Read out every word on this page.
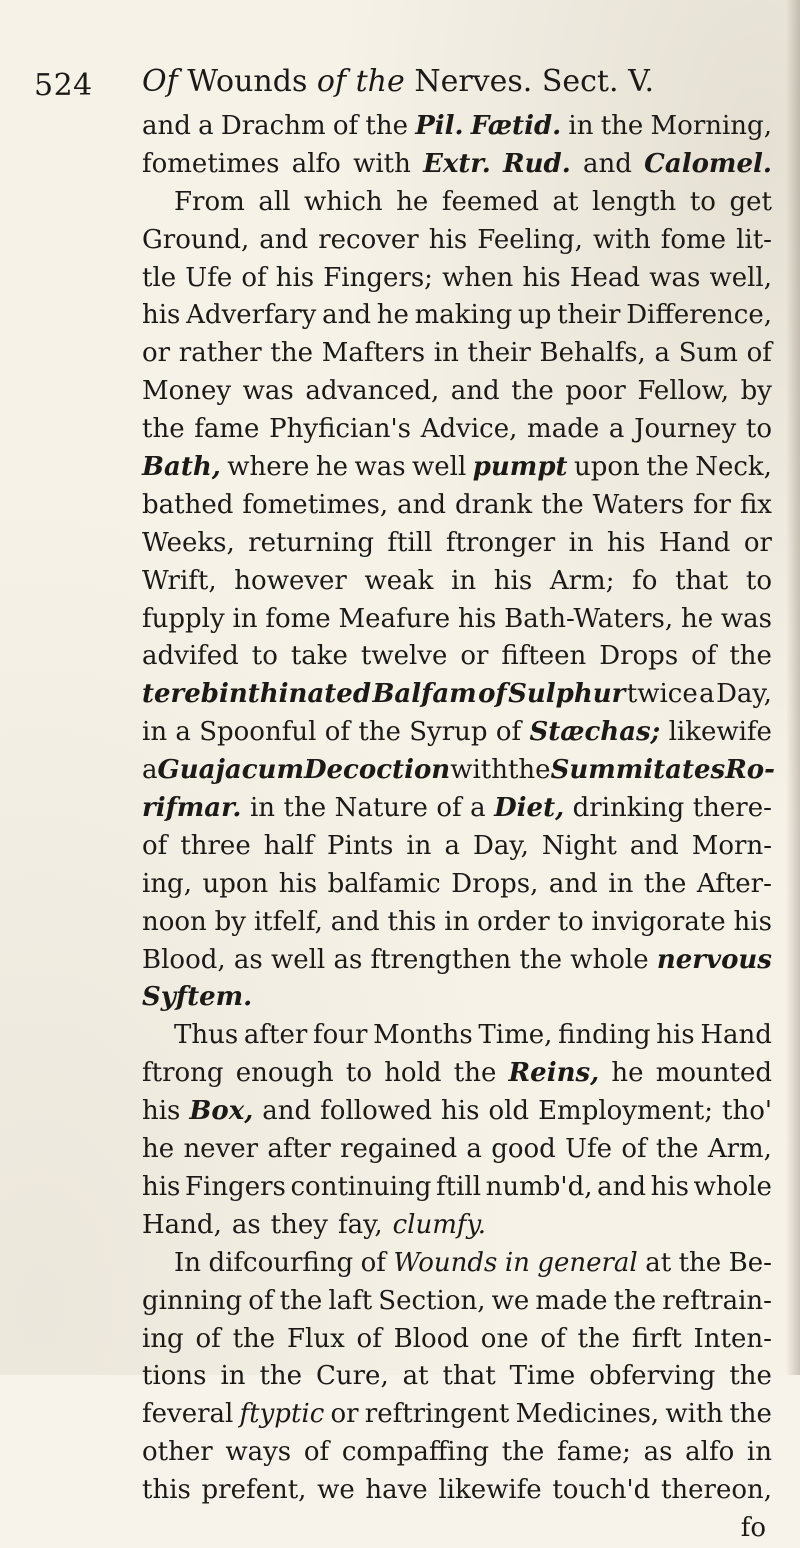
524 Of Wounds of the Nerves. Sect. V.
and a Drachm of the Pil. Fætid. in the Morning,
fometimes alfo with Extr. Rud. and Calomel.
From all which he feemed at length to get
Ground, and recover his Feeling, with fome lit-
tle Ufe of his Fingers; when his Head was well,
his Adverfary and he making up their Difference,
or rather the Mafters in their Behalfs, a Sum of
Money was advanced, and the poor Fellow, by
the fame Phyfician's Advice, made a Journey to
Bath, where he was well pumpt upon the Neck,
bathed fometimes, and drank the Waters for fix
Weeks, returning ftill ftronger in his Hand or
Wrift, however weak in his Arm; fo that to
fupply in fome Meafure his Bath-Waters, he was
advifed to take twelve or fifteen Drops of the
terebinthinated Balfam of Sulphur twice a Day,
in a Spoonful of the Syrup of Stæchas; likewife
a Guajacum Decoction with the Summitates Ro-
rifmar. in the Nature of a Diet, drinking there-
of three half Pints in a Day, Night and Morn-
ing, upon his balfamic Drops, and in the After-
noon by itfelf, and this in order to invigorate his
Blood, as well as ftrengthen the whole nervous
Syftem.
Thus after four Months Time, finding his Hand
ftrong enough to hold the Reins, he mounted
his Box, and followed his old Employment; tho'
he never after regained a good Ufe of the Arm,
his Fingers continuing ftill numb'd, and his whole
Hand, as they fay, clumfy.
In difcourfing of Wounds in general at the Be-
ginning of the laft Section, we made the reftrain-
ing of the Flux of Blood one of the firft Inten-
tions in the Cure, at that Time obferving the
feveral ftyptic or reftringent Medicines, with the
other ways of compaffing the fame; as alfo in
this prefent, we have likewife touch'd thereon,
fo
